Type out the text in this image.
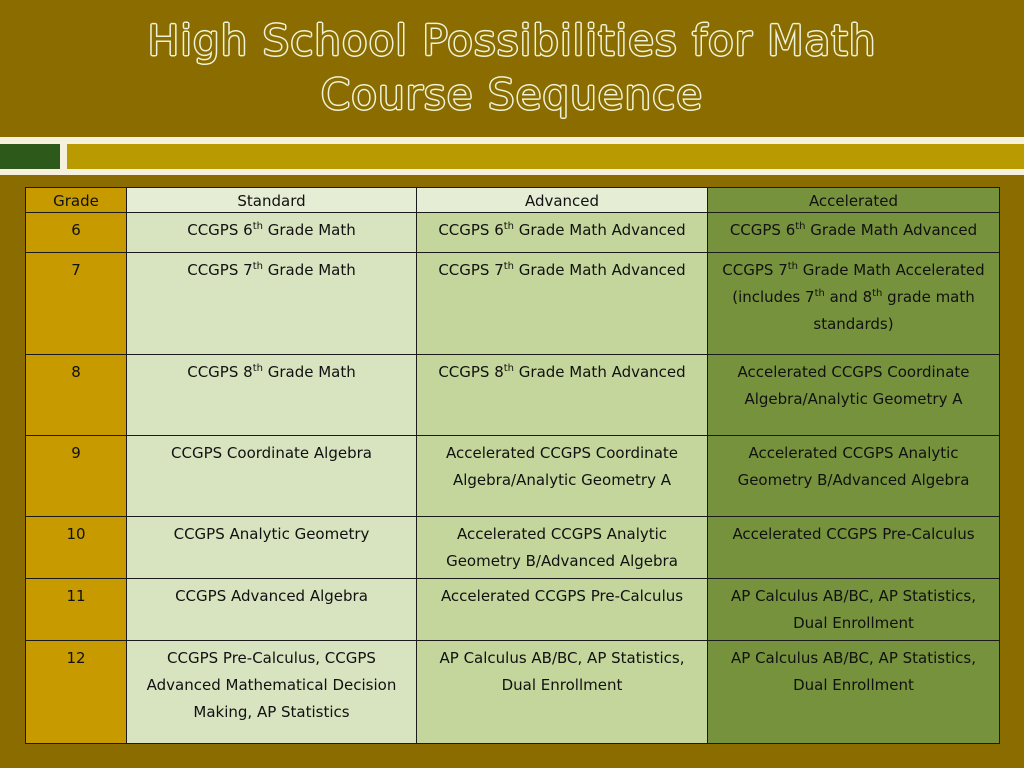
High School Possibilities for Math
Course Sequence
Grade	Standard	Advanced	Accelerated
6	CCGPS 6th Grade Math	CCGPS 6th Grade Math Advanced	CCGPS 6th Grade Math Advanced
7	CCGPS 7th Grade Math	CCGPS 7th Grade Math Advanced	CCGPS 7th Grade Math Accelerated (includes 7th and 8th grade math standards)
8	CCGPS 8th Grade Math	CCGPS 8th Grade Math Advanced	Accelerated CCGPS Coordinate Algebra/Analytic Geometry A
9	CCGPS Coordinate Algebra	Accelerated CCGPS Coordinate Algebra/Analytic Geometry A	Accelerated CCGPS Analytic Geometry B/Advanced Algebra
10	CCGPS Analytic Geometry	Accelerated CCGPS Analytic Geometry B/Advanced Algebra	Accelerated CCGPS Pre-Calculus
11	CCGPS Advanced Algebra	Accelerated CCGPS Pre-Calculus	AP Calculus AB/BC, AP Statistics, Dual Enrollment
12	CCGPS Pre-Calculus, CCGPS Advanced Mathematical Decision Making, AP Statistics	AP Calculus AB/BC, AP Statistics, Dual Enrollment	AP Calculus AB/BC, AP Statistics, Dual Enrollment
